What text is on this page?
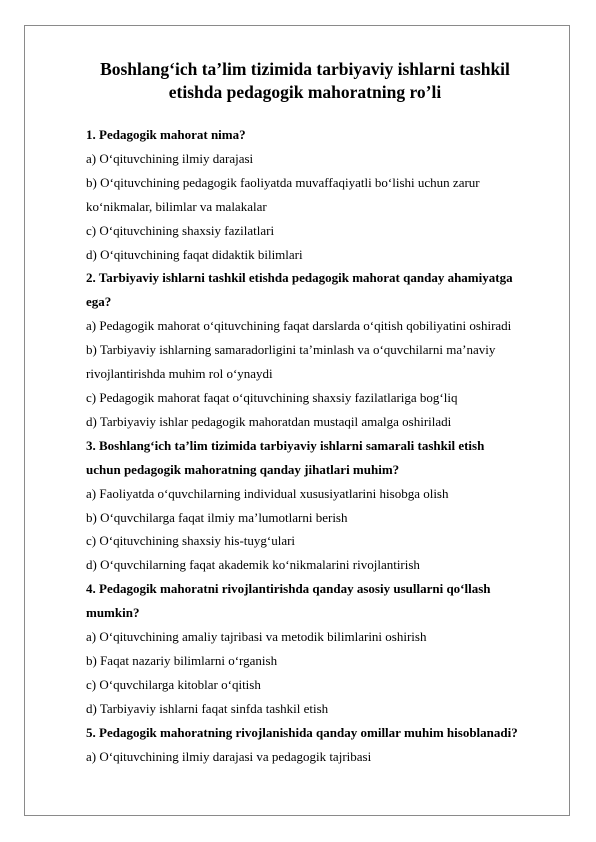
Boshlang‘ich ta’lim tizimida tarbiyaviy ishlarni tashkil
etishda pedagogik mahoratning ro’li

1. Pedagogik mahorat nima?

a) O‘qituvchining ilmiy darajasi

b) O‘qituvchining pedagogik faoliyatda muvaffaqiyatli bo‘lishi uchun zarur

ko‘nikmalar, bilimlar va malakalar

c) O‘qituvchining shaxsiy fazilatlari

d) O‘qituvchining faqat didaktik bilimlari

2. Tarbiyaviy ishlarni tashkil etishda pedagogik mahorat qanday ahamiyatga

ega?

a) Pedagogik mahorat o‘qituvchining faqat darslarda o‘qitish qobiliyatini oshiradi

b) Tarbiyaviy ishlarning samaradorligini ta’minlash va o‘quvchilarni ma’naviy

rivojlantirishda muhim rol o‘ynaydi

c) Pedagogik mahorat faqat o‘qituvchining shaxsiy fazilatlariga bog‘liq

d) Tarbiyaviy ishlar pedagogik mahoratdan mustaqil amalga oshiriladi

3. Boshlang‘ich ta’lim tizimida tarbiyaviy ishlarni samarali tashkil etish

uchun pedagogik mahoratning qanday jihatlari muhim?

a) Faoliyatda o‘quvchilarning individual xususiyatlarini hisobga olish

b) O‘quvchilarga faqat ilmiy ma’lumotlarni berish

c) O‘qituvchining shaxsiy his-tuyg‘ulari

d) O‘quvchilarning faqat akademik ko‘nikmalarini rivojlantirish

4. Pedagogik mahoratni rivojlantirishda qanday asosiy usullarni qo‘llash

mumkin?

a) O‘qituvchining amaliy tajribasi va metodik bilimlarini oshirish

b) Faqat nazariy bilimlarni o‘rganish

c) O‘quvchilarga kitoblar o‘qitish

d) Tarbiyaviy ishlarni faqat sinfda tashkil etish

5. Pedagogik mahoratning rivojlanishida qanday omillar muhim hisoblanadi?

a) O‘qituvchining ilmiy darajasi va pedagogik tajribasi
